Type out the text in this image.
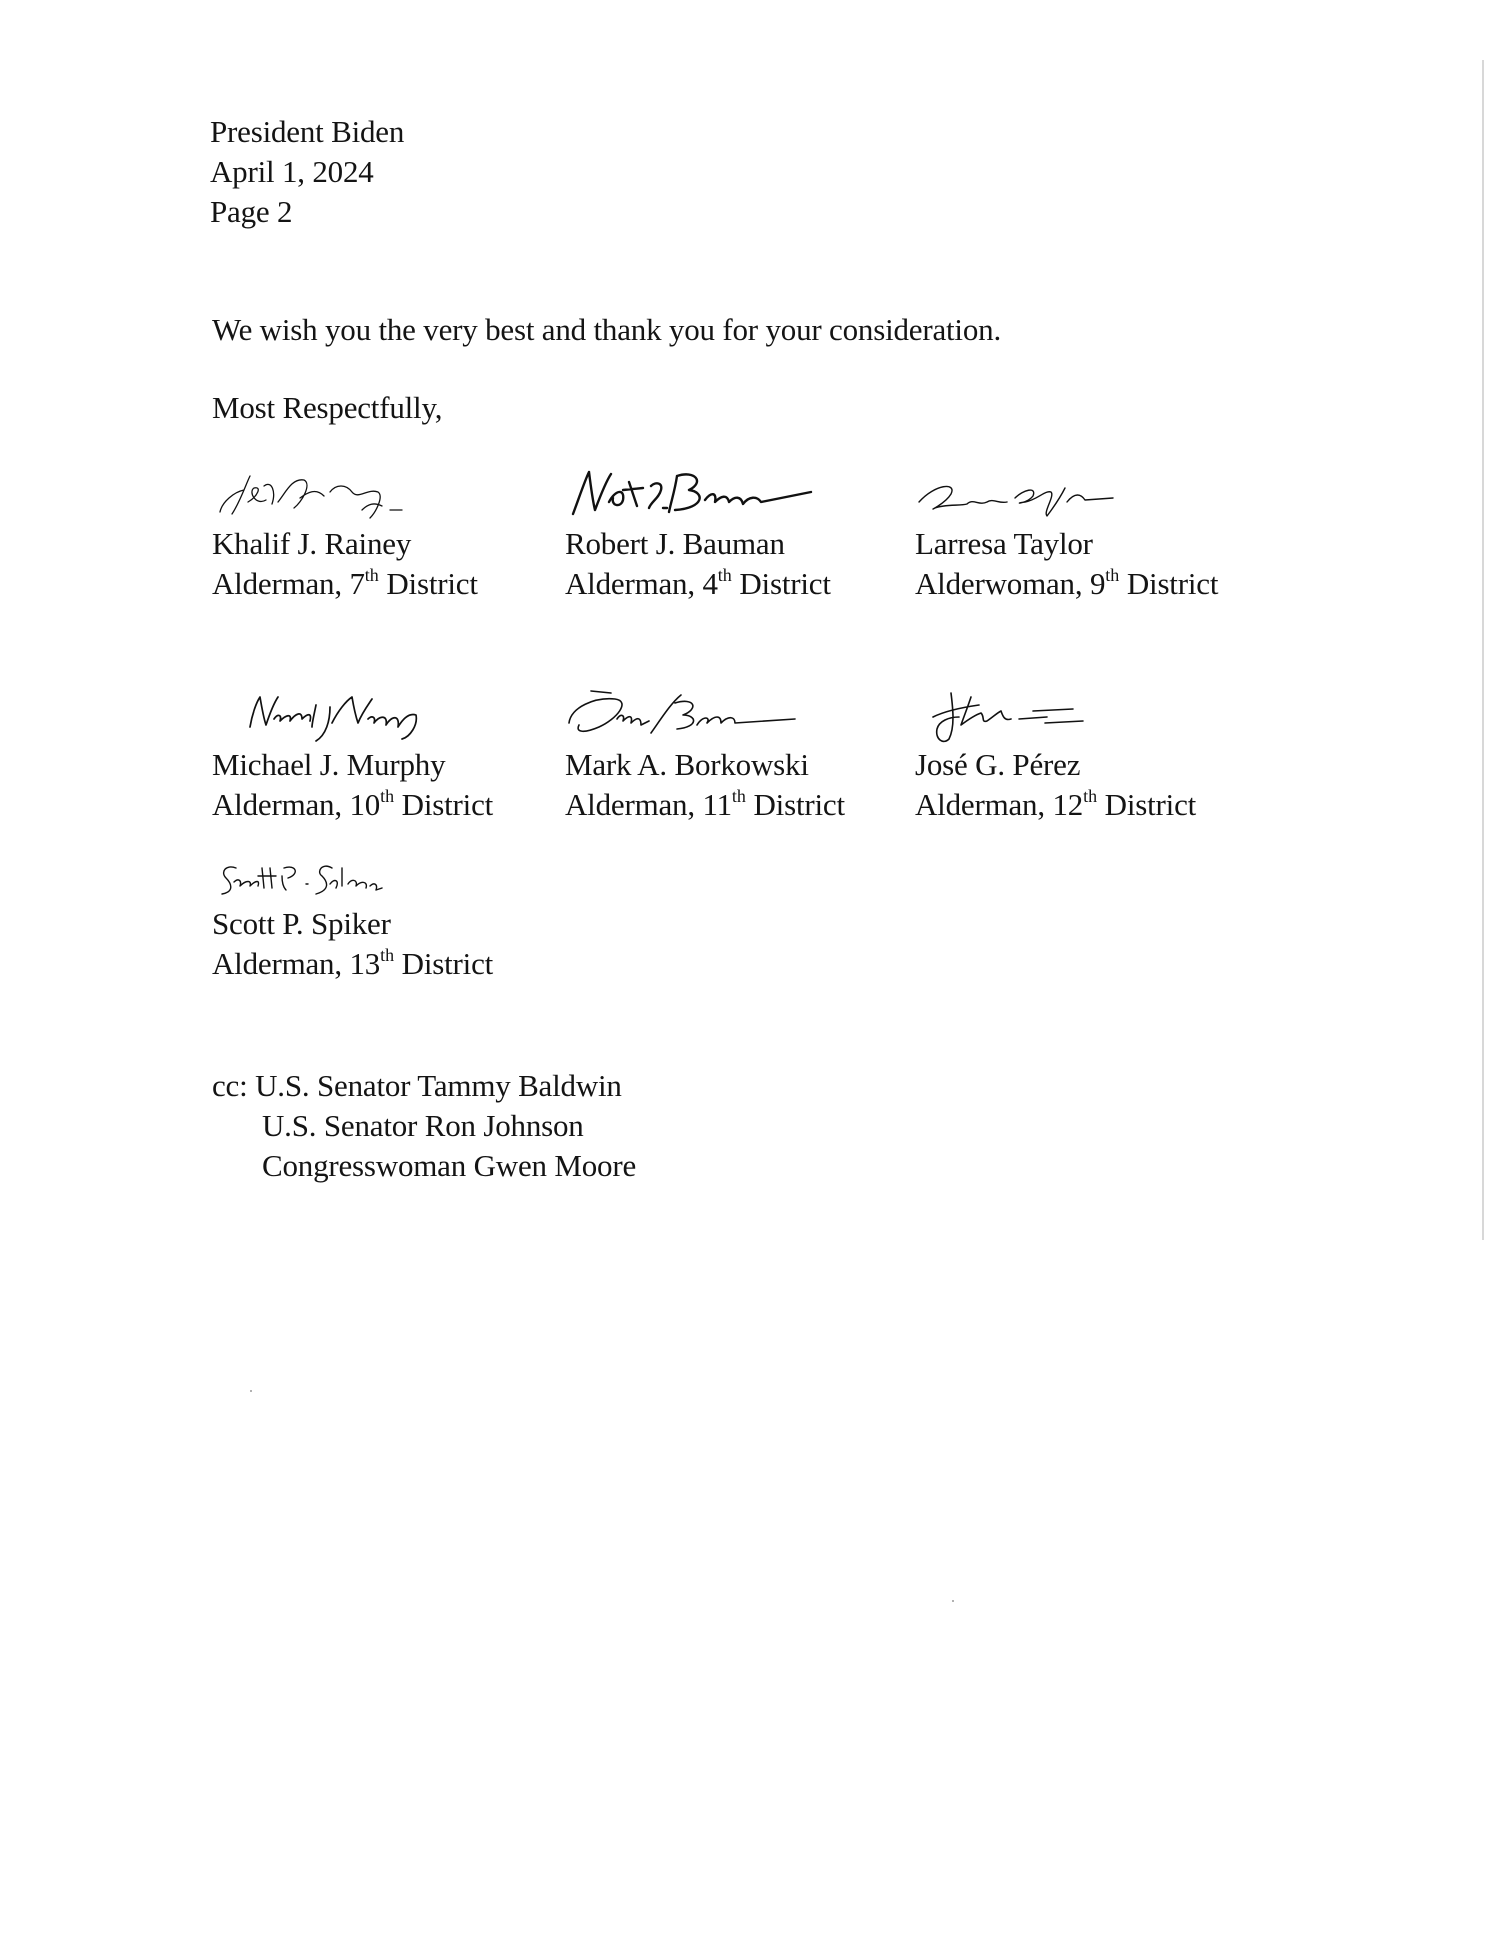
President Biden
April 1, 2024
Page 2
We wish you the very best and thank you for your consideration.
Most Respectfully,
Khalif J. Rainey
Alderman, 7th District
Robert J. Bauman
Alderman, 4th District
Larresa Taylor
Alderwoman, 9th District
Michael J. Murphy
Alderman, 10th District
Mark A. Borkowski
Alderman, 11th District
José G. Pérez
Alderman, 12th District
Scott P. Spiker
Alderman, 13th District
cc: U.S. Senator Tammy Baldwin
U.S. Senator Ron Johnson
Congresswoman Gwen Moore
